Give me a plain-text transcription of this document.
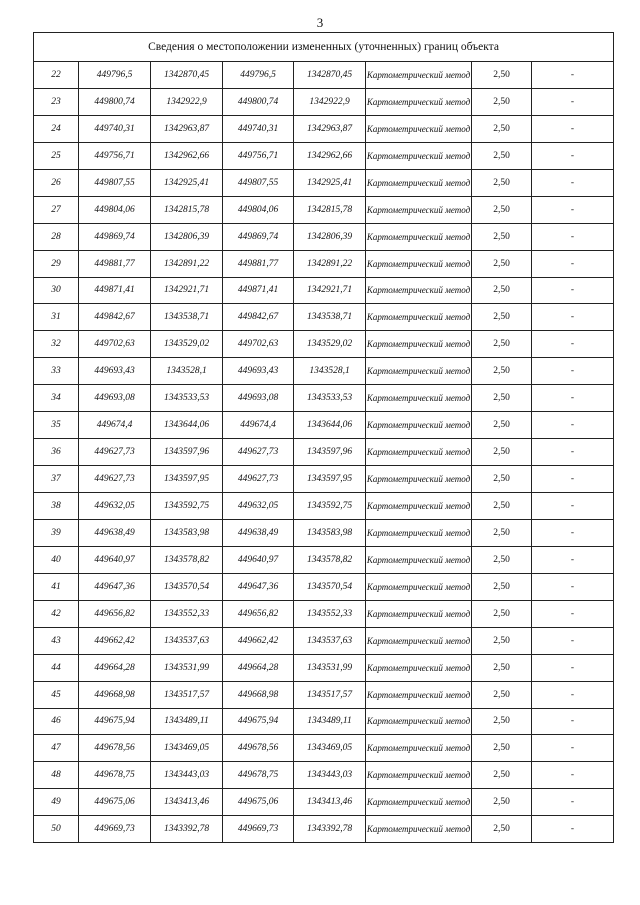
3
Сведения о местоположении измененных (уточненных) границ объекта							
22	449796,5	1342870,45	449796,5	1342870,45	Картометрический метод	2,50	-
23	449800,74	1342922,9	449800,74	1342922,9	Картометрический метод	2,50	-
24	449740,31	1342963,87	449740,31	1342963,87	Картометрический метод	2,50	-
25	449756,71	1342962,66	449756,71	1342962,66	Картометрический метод	2,50	-
26	449807,55	1342925,41	449807,55	1342925,41	Картометрический метод	2,50	-
27	449804,06	1342815,78	449804,06	1342815,78	Картометрический метод	2,50	-
28	449869,74	1342806,39	449869,74	1342806,39	Картометрический метод	2,50	-
29	449881,77	1342891,22	449881,77	1342891,22	Картометрический метод	2,50	-
30	449871,41	1342921,71	449871,41	1342921,71	Картометрический метод	2,50	-
31	449842,67	1343538,71	449842,67	1343538,71	Картометрический метод	2,50	-
32	449702,63	1343529,02	449702,63	1343529,02	Картометрический метод	2,50	-
33	449693,43	1343528,1	449693,43	1343528,1	Картометрический метод	2,50	-
34	449693,08	1343533,53	449693,08	1343533,53	Картометрический метод	2,50	-
35	449674,4	1343644,06	449674,4	1343644,06	Картометрический метод	2,50	-
36	449627,73	1343597,96	449627,73	1343597,96	Картометрический метод	2,50	-
37	449627,73	1343597,95	449627,73	1343597,95	Картометрический метод	2,50	-
38	449632,05	1343592,75	449632,05	1343592,75	Картометрический метод	2,50	-
39	449638,49	1343583,98	449638,49	1343583,98	Картометрический метод	2,50	-
40	449640,97	1343578,82	449640,97	1343578,82	Картометрический метод	2,50	-
41	449647,36	1343570,54	449647,36	1343570,54	Картометрический метод	2,50	-
42	449656,82	1343552,33	449656,82	1343552,33	Картометрический метод	2,50	-
43	449662,42	1343537,63	449662,42	1343537,63	Картометрический метод	2,50	-
44	449664,28	1343531,99	449664,28	1343531,99	Картометрический метод	2,50	-
45	449668,98	1343517,57	449668,98	1343517,57	Картометрический метод	2,50	-
46	449675,94	1343489,11	449675,94	1343489,11	Картометрический метод	2,50	-
47	449678,56	1343469,05	449678,56	1343469,05	Картометрический метод	2,50	-
48	449678,75	1343443,03	449678,75	1343443,03	Картометрический метод	2,50	-
49	449675,06	1343413,46	449675,06	1343413,46	Картометрический метод	2,50	-
50	449669,73	1343392,78	449669,73	1343392,78	Картометрический метод	2,50	-
